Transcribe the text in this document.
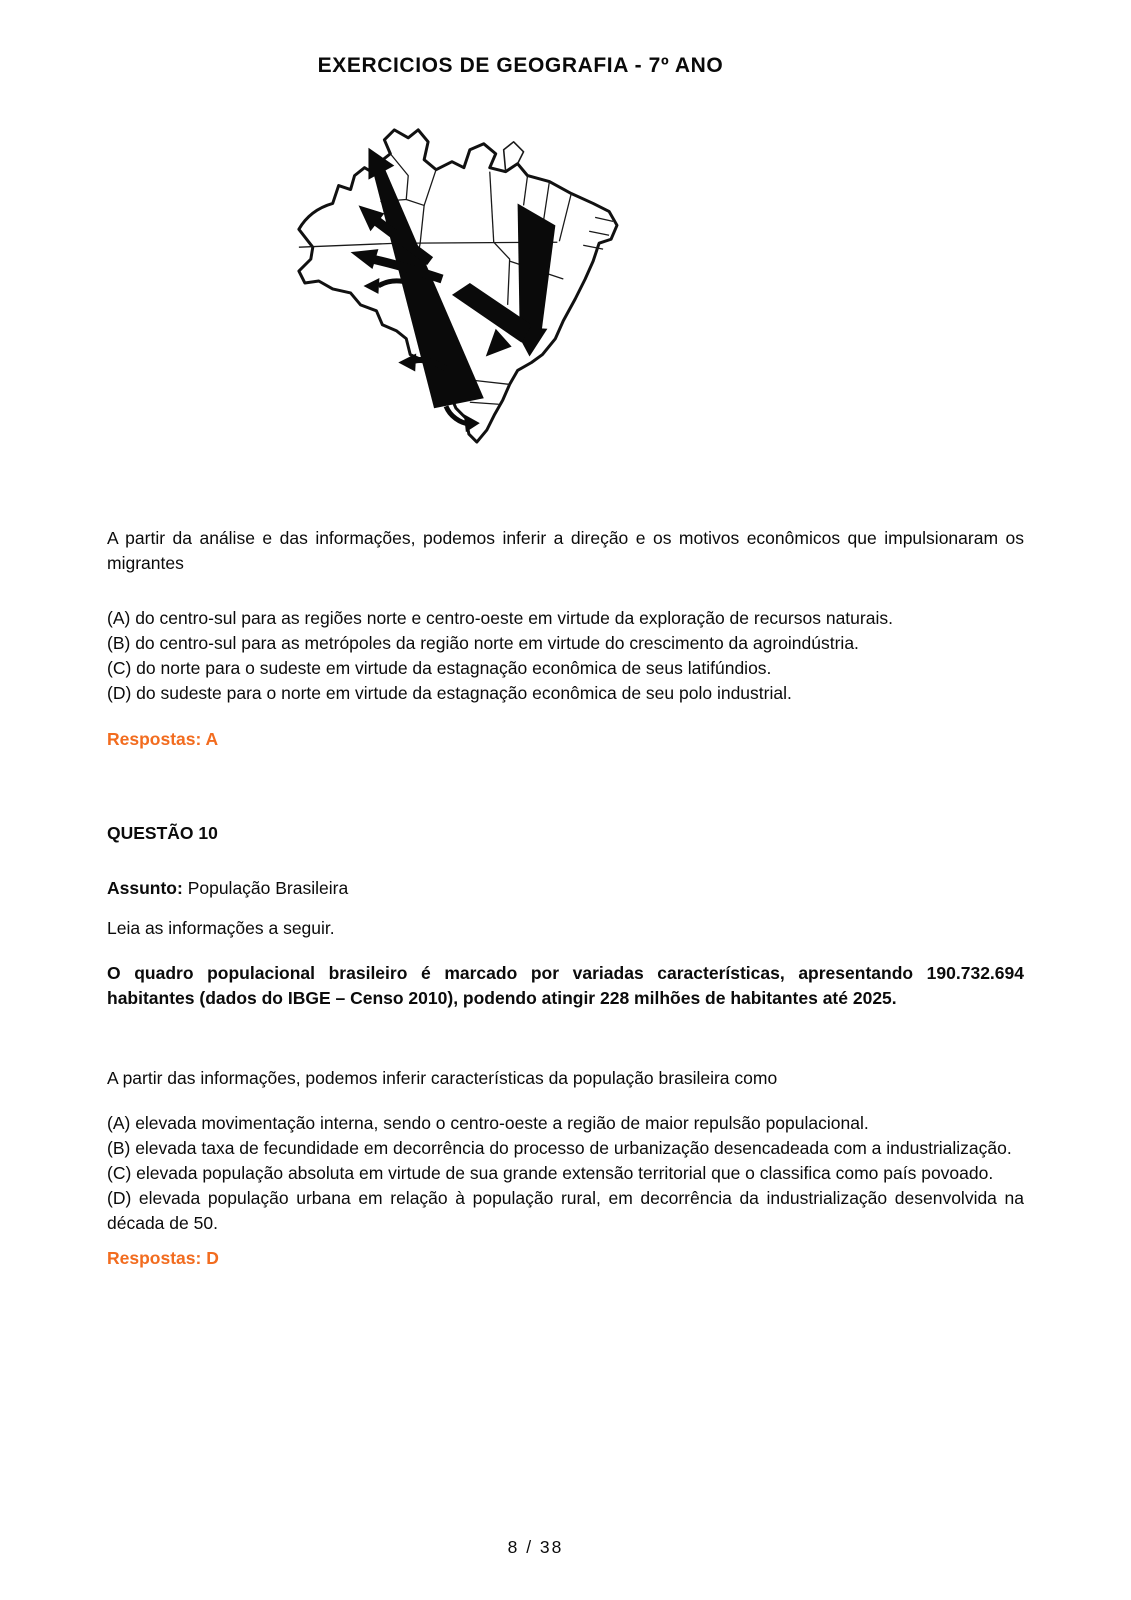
EXERCICIOS DE GEOGRAFIA - 7º ANO

A partir da análise e das informações, podemos inferir a direção e os motivos econômicos que impulsionaram os migrantes

(A) do centro-sul para as regiões norte e centro-oeste em virtude da exploração de recursos naturais.

(B) do centro-sul para as metrópoles da região norte em virtude do crescimento da agroindústria.

(C) do norte para o sudeste em virtude da estagnação econômica de seus latifúndios.

(D) do sudeste para o norte em virtude da estagnação econômica de seu polo industrial.

Respostas: A

QUESTÃO 10

Assunto: População Brasileira

Leia as informações a seguir.

O quadro populacional brasileiro é marcado por variadas características, apresentando 190.732.694 habitantes (dados do IBGE – Censo 2010), podendo atingir 228 milhões de habitantes até 2025.

A partir das informações, podemos inferir características da população brasileira como

(A) elevada movimentação interna, sendo o centro-oeste a região de maior repulsão populacional.

(B) elevada taxa de fecundidade em decorrência do processo de urbanização desencadeada com a industrialização.

(C) elevada população absoluta em virtude de sua grande extensão territorial que o classifica como país povoado.

(D) elevada população urbana em relação à população rural, em decorrência da industrialização desenvolvida na década de 50.

Respostas: D

8 / 38
